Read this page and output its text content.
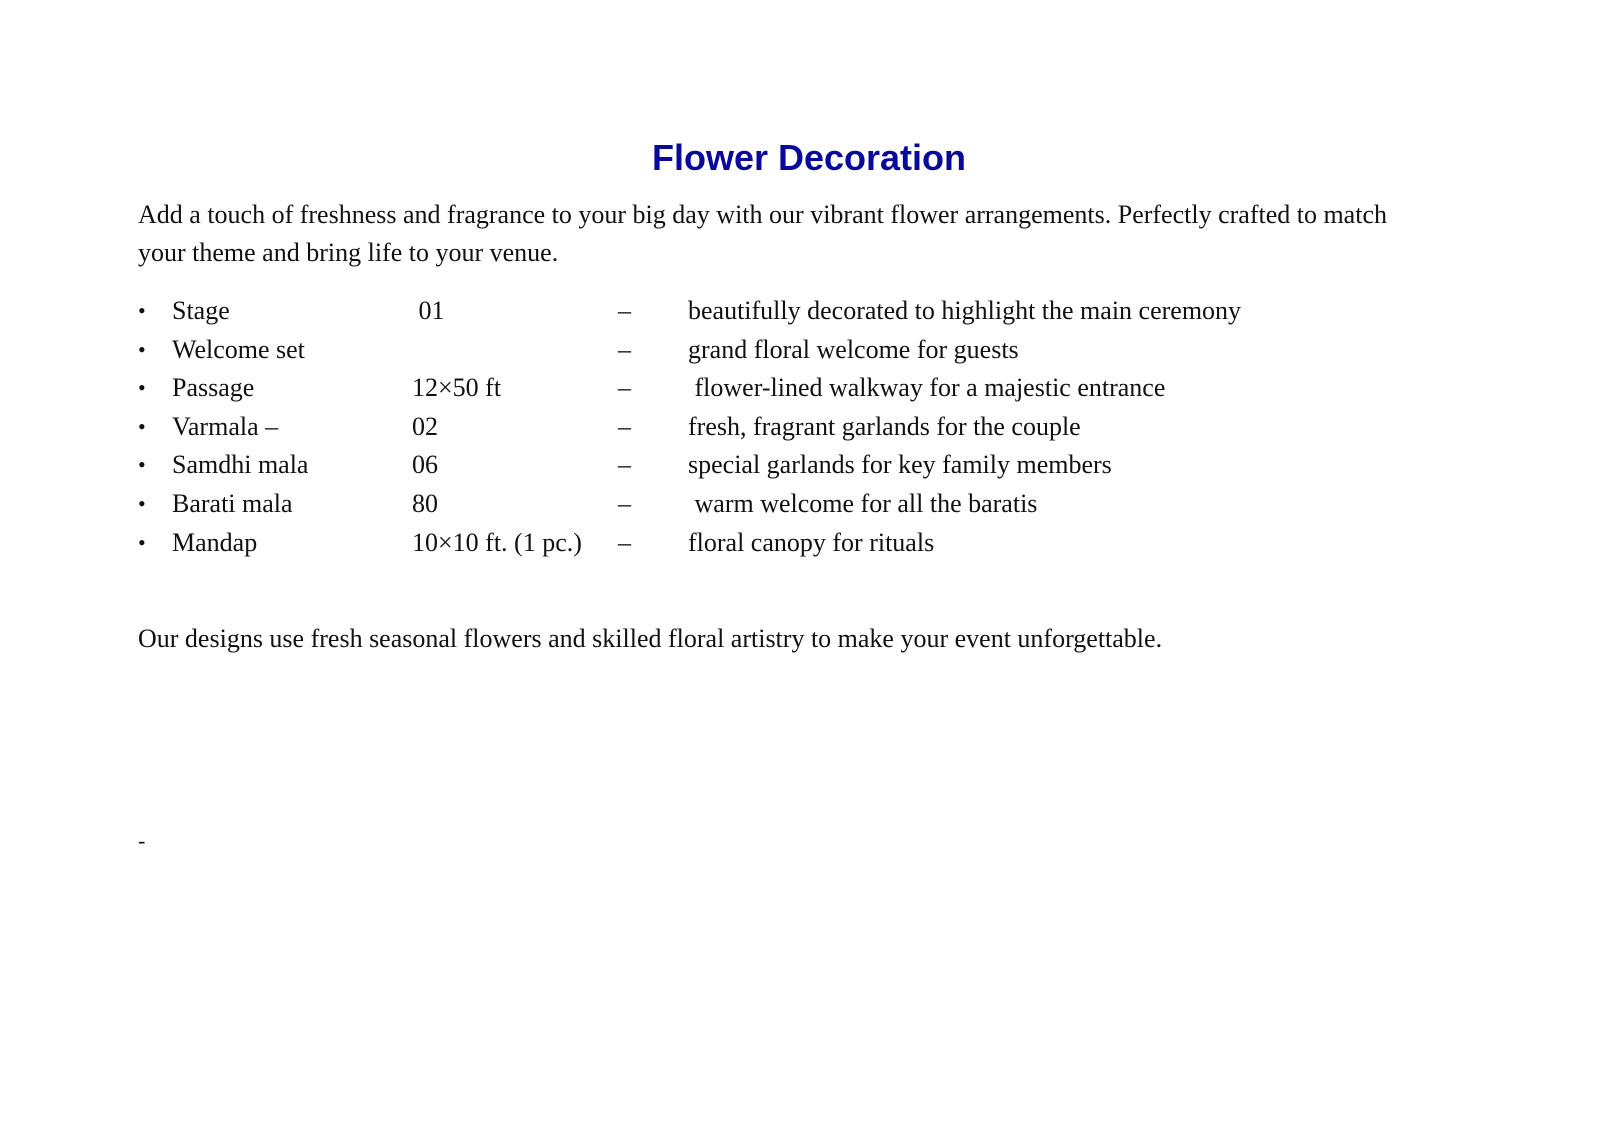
Flower Decoration
Add a touch of freshness and fragrance to your big day with our vibrant flower arrangements. Perfectly crafted to match your theme and bring life to your venue.
• Stage	01	– beautifully decorated to highlight the main ceremony
• Welcome set	– grand floral welcome for guests
• Passage	12×50 ft	– flower-lined walkway for a majestic entrance
• Varmala –	02	– fresh, fragrant garlands for the couple
• Samdhi mala	06	– special garlands for key family members
• Barati mala	80	– warm welcome for all the baratis
• Mandap	10×10 ft. (1 pc.) – floral canopy for rituals
Our designs use fresh seasonal flowers and skilled floral artistry to make your event unforgettable.
-
